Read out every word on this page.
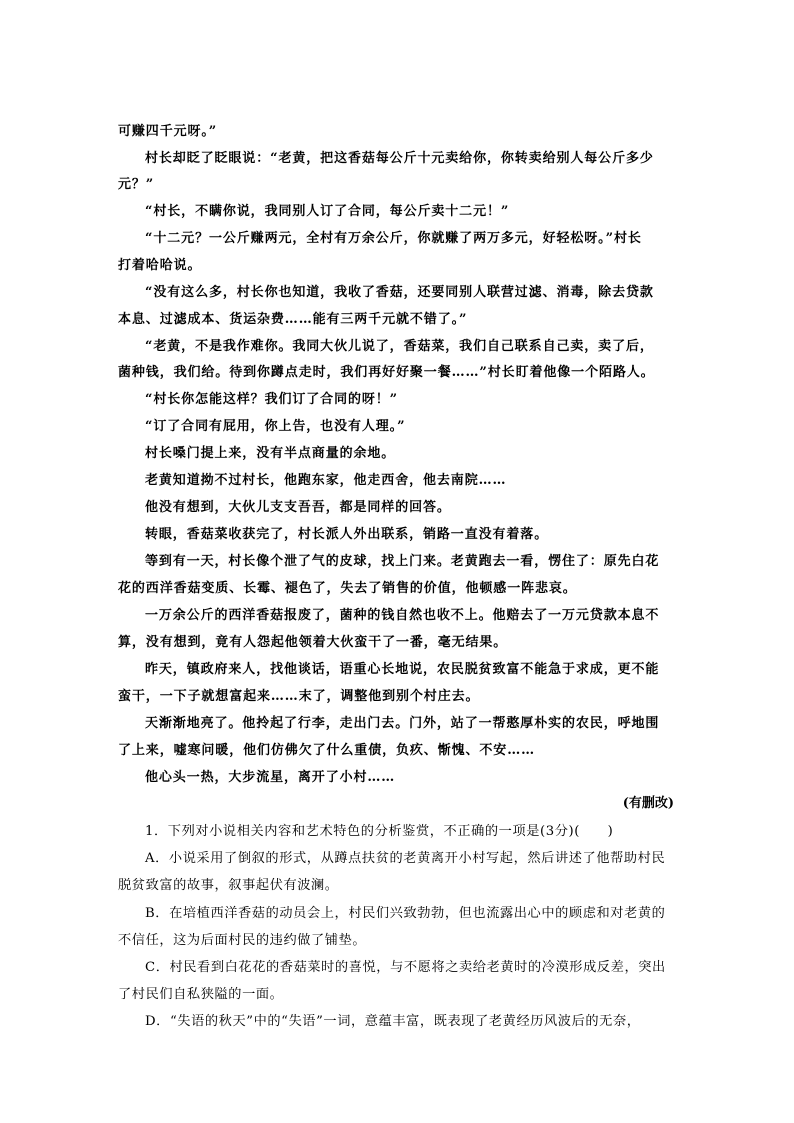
可赚四千元呀。”
村长却眨了眨眼说：“老黄，把这香菇每公斤十元卖给你，你转卖给别人每公斤多少
元？”
“村长，不瞒你说，我同别人订了合同，每公斤卖十二元！”
“十二元？一公斤赚两元，全村有万余公斤，你就赚了两万多元，好轻松呀。”村长
打着哈哈说。
“没有这么多，村长你也知道，我收了香菇，还要同别人联营过滤、消毒，除去贷款
本息、过滤成本、货运杂费……能有三两千元就不错了。”
“老黄，不是我作难你。我同大伙儿说了，香菇菜，我们自己联系自己卖，卖了后，
菌种钱，我们给。待到你蹲点走时，我们再好好聚一餐……”村长盯着他像一个陌路人。
“村长你怎能这样？我们订了合同的呀！”
“订了合同有屁用，你上告，也没有人理。”
村长嗓门提上来，没有半点商量的余地。
老黄知道拗不过村长，他跑东家，他走西舍，他去南院……
他没有想到，大伙儿支支吾吾，都是同样的回答。
转眼，香菇菜收获完了，村长派人外出联系，销路一直没有着落。
等到有一天，村长像个泄了气的皮球，找上门来。老黄跑去一看，愣住了：原先白花
花的西洋香菇变质、长霉、褪色了，失去了销售的价值，他顿感一阵悲哀。
一万余公斤的西洋香菇报废了，菌种的钱自然也收不上。他赔去了一万元贷款本息不
算，没有想到，竟有人怨起他领着大伙蛮干了一番，毫无结果。
昨天，镇政府来人，找他谈话，语重心长地说，农民脱贫致富不能急于求成，更不能
蛮干，一下子就想富起来……末了，调整他到别个村庄去。
天渐渐地亮了。他拎起了行李，走出门去。门外，站了一帮憨厚朴实的农民，呼地围
了上来，嘘寒问暖，他们仿佛欠了什么重债，负疚、惭愧、不安……
他心头一热，大步流星，离开了小村……
(有删改)
1．下列对小说相关内容和艺术特色的分析鉴赏，不正确的一项是(3分)(　　)
A．小说采用了倒叙的形式，从蹲点扶贫的老黄离开小村写起，然后讲述了他帮助村民
脱贫致富的故事，叙事起伏有波澜。
B．在培植西洋香菇的动员会上，村民们兴致勃勃，但也流露出心中的顾虑和对老黄的
不信任，这为后面村民的违约做了铺垫。
C．村民看到白花花的香菇菜时的喜悦，与不愿将之卖给老黄时的冷漠形成反差，突出
了村民们自私狭隘的一面。
D．“失语的秋天”中的“失语”一词，意蕴丰富，既表现了老黄经历风波后的无奈，
